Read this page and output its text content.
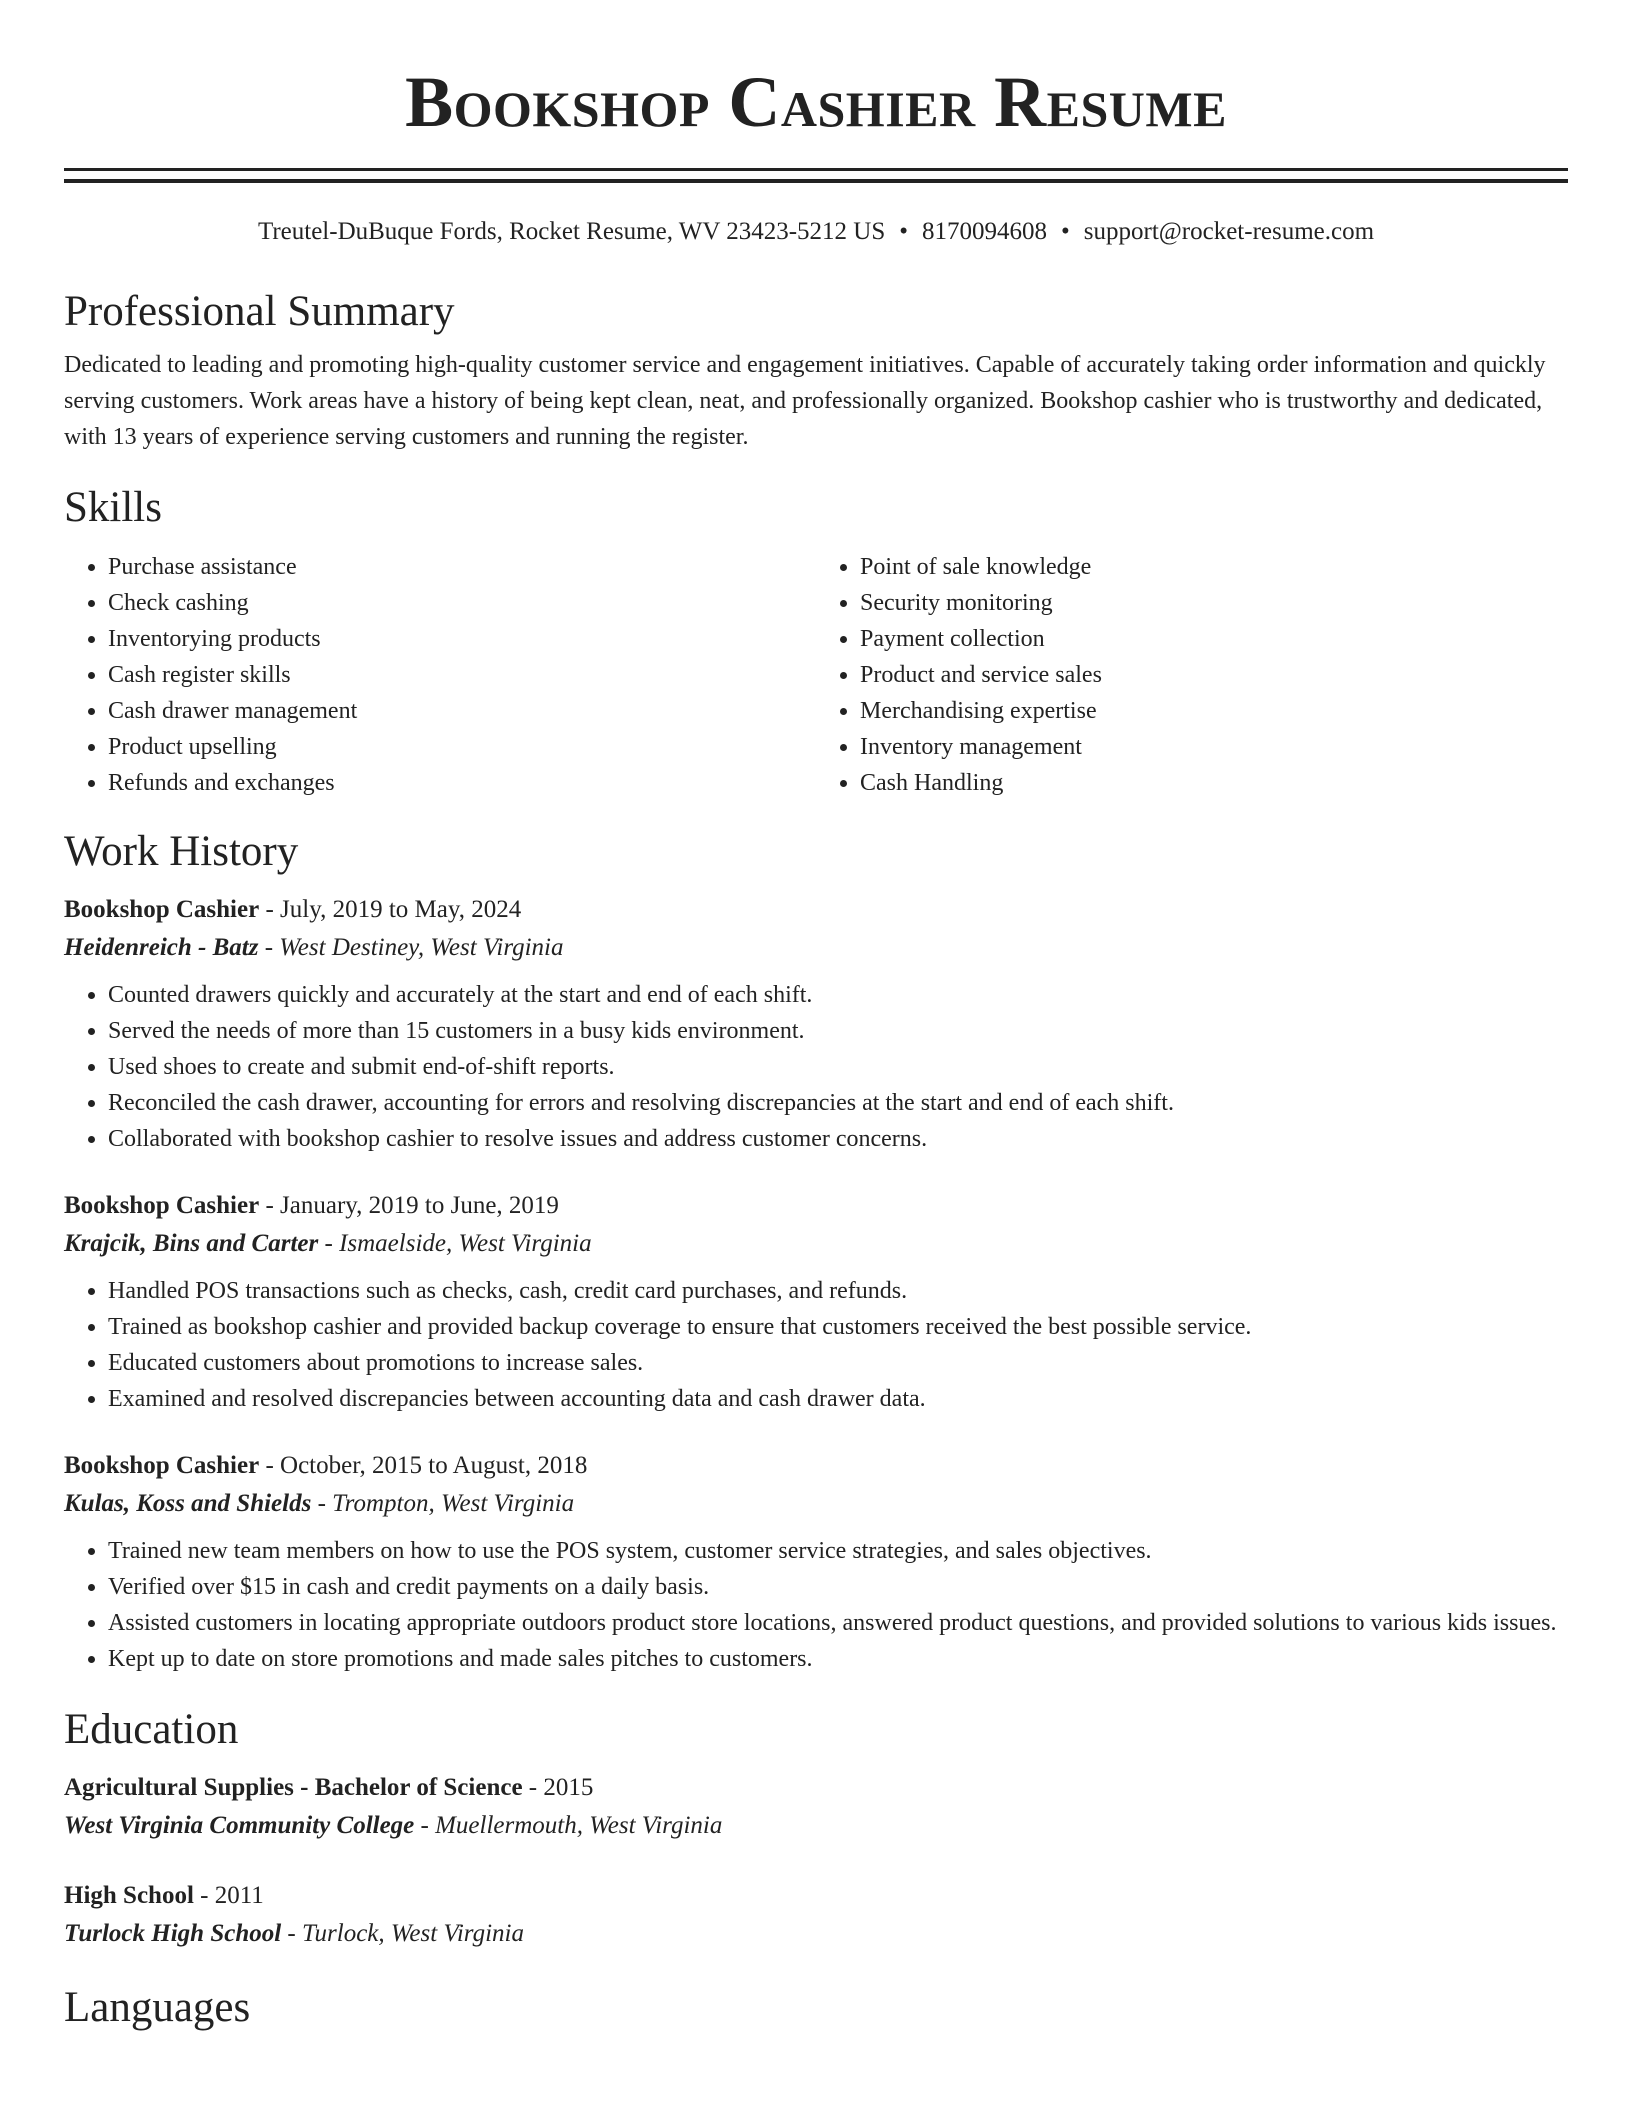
Bookshop Cashier Resume
Treutel-DuBuque Fords, Rocket Resume, WV 23423-5212 US • 8170094608 • support@rocket-resume.com
Professional Summary

Dedicated to leading and promoting high-quality customer service and engagement initiatives. Capable of accurately taking order information and quickly serving customers. Work areas have a history of being kept clean, neat, and professionally organized. Bookshop cashier who is trustworthy and dedicated, with 13 years of experience serving customers and running the register.

Skills
• Purchase assistance
• Check cashing
• Inventorying products
• Cash register skills
• Cash drawer management
• Product upselling
• Refunds and exchanges
• Point of sale knowledge
• Security monitoring
• Payment collection
• Product and service sales
• Merchandising expertise
• Inventory management
• Cash Handling
Work History
Bookshop Cashier - July, 2019 to May, 2024
Heidenreich - Batz - West Destiney, West Virginia
• Counted drawers quickly and accurately at the start and end of each shift.
• Served the needs of more than 15 customers in a busy kids environment.
• Used shoes to create and submit end-of-shift reports.
• Reconciled the cash drawer, accounting for errors and resolving discrepancies at the start and end of each shift.
• Collaborated with bookshop cashier to resolve issues and address customer concerns.
Bookshop Cashier - January, 2019 to June, 2019
Krajcik, Bins and Carter - Ismaelside, West Virginia
• Handled POS transactions such as checks, cash, credit card purchases, and refunds.
• Trained as bookshop cashier and provided backup coverage to ensure that customers received the best possible service.
• Educated customers about promotions to increase sales.
• Examined and resolved discrepancies between accounting data and cash drawer data.
Bookshop Cashier - October, 2015 to August, 2018
Kulas, Koss and Shields - Trompton, West Virginia
• Trained new team members on how to use the POS system, customer service strategies, and sales objectives.
• Verified over $15 in cash and credit payments on a daily basis.
• Assisted customers in locating appropriate outdoors product store locations, answered product questions, and provided solutions to various kids issues.
• Kept up to date on store promotions and made sales pitches to customers.
Education
Agricultural Supplies - Bachelor of Science - 2015
West Virginia Community College - Muellermouth, West Virginia
High School - 2011
Turlock High School - Turlock, West Virginia
Languages
